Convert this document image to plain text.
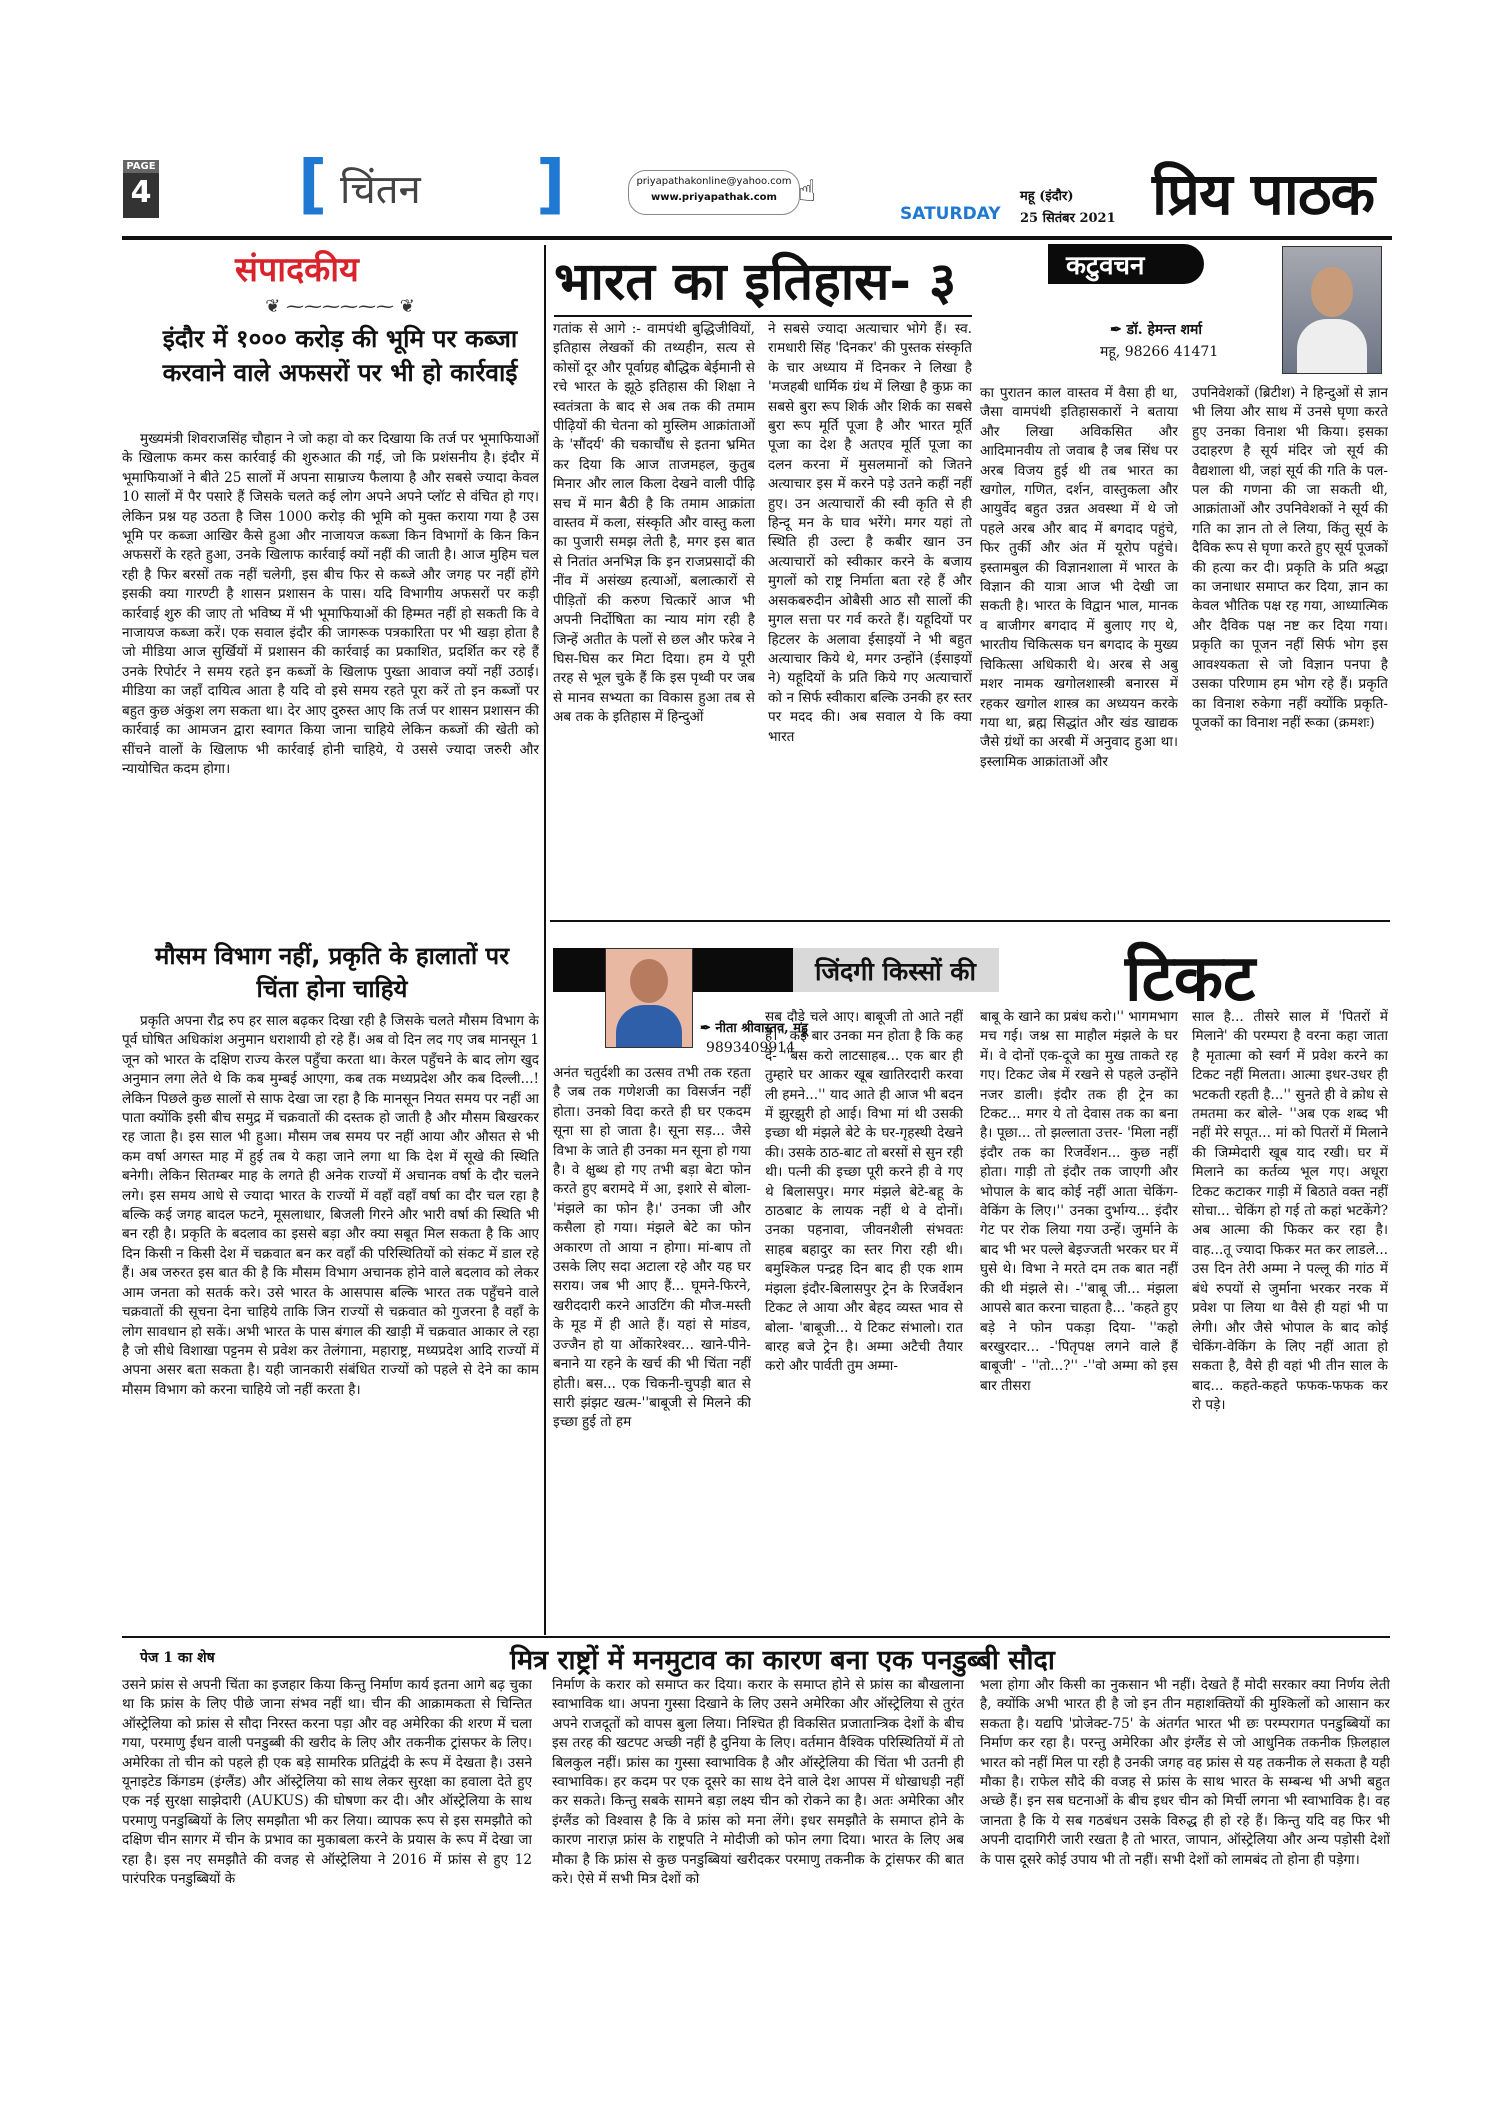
PAGE
4 [ चिंतन ]	priyapathakonline@yahoo.com
www.priyapathak.com ☝
SATURDAY
महू (इंदौर)
25 सितंबर 2021 प्रिय पाठक
संपादकीय
❦ ⁓⁓⁓⁓⁓⁓ ❦
इंदौर में १००० करोड़ की भूमि पर कब्जा करवाने वाले अफसरों पर भी हो कार्रवाई

मुख्यमंत्री शिवराजसिंह चौहान ने जो कहा वो कर दिखाया कि तर्ज पर भूमाफियाओं के खिलाफ कमर कस कार्रवाई की शुरुआत की गई, जो कि प्रशंसनीय है। इंदौर में भूमाफियाओं ने बीते 25 सालों में अपना साम्राज्य फैलाया है और सबसे ज्यादा केवल 10 सालों में पैर पसारे हैं जिसके चलते कई लोग अपने अपने प्लॉट से वंचित हो गए। लेकिन प्रश्न यह उठता है जिस 1000 करोड़ की भूमि को मुक्त कराया गया है उस भूमि पर कब्जा आखिर कैसे हुआ और नाजायज कब्जा किन विभागों के किन किन अफसरों के रहते हुआ, उनके खिलाफ कार्रवाई क्यों नहीं की जाती है। आज मुहिम चल रही है फिर बरसों तक नहीं चलेगी, इस बीच फिर से कब्जे और जगह पर नहीं होंगे इसकी क्या गारण्टी है शासन प्रशासन के पास। यदि विभागीय अफसरों पर कड़ी कार्रवाई शुरु की जाए तो भविष्य में भी भूमाफियाओं की हिम्मत नहीं हो सकती कि वे नाजायज कब्जा करें। एक सवाल इंदौर की जागरूक पत्रकारिता पर भी खड़ा होता है जो मीडिया आज सुर्खियों में प्रशासन की कार्रवाई का प्रकाशित, प्रदर्शित कर रहे हैं उनके रिपोर्टर ने समय रहते इन कब्जों के खिलाफ पुख्ता आवाज क्यों नहीं उठाई। मीडिया का जहाँ दायित्व आता है यदि वो इसे समय रहते पूरा करें तो इन कब्जों पर बहुत कुछ अंकुश लग सकता था। देर आए दुरुस्त आए कि तर्ज पर शासन प्रशासन की कार्रवाई का आमजन द्वारा स्वागत किया जाना चाहिये लेकिन कब्जों की खेती को सींचने वालों के खिलाफ भी कार्रवाई होनी चाहिये, ये उससे ज्यादा जरुरी और न्यायोचित कदम होगा।

मौसम विभाग नहीं, प्रकृति के हालातों पर चिंता होना चाहिये

प्रकृति अपना रौद्र रुप हर साल बढ़कर दिखा रही है जिसके चलते मौसम विभाग के पूर्व घोषित अधिकांश अनुमान धराशायी हो रहे हैं। अब वो दिन लद गए जब मानसून 1 जून को भारत के दक्षिण राज्य केरल पहुँचा करता था। केरल पहुँचने के बाद लोग खुद अनुमान लगा लेते थे कि कब मुम्बई आएगा, कब तक मध्यप्रदेश और कब दिल्ली...! लेकिन पिछले कुछ सालों से साफ देखा जा रहा है कि मानसून नियत समय पर नहीं आ पाता क्योंकि इसी बीच समुद्र में चक्रवातों की दस्तक हो जाती है और मौसम बिखरकर रह जाता है। इस साल भी हुआ। मौसम जब समय पर नहीं आया और औसत से भी कम वर्षा अगस्त माह में हुई तब ये कहा जाने लगा था कि देश में सूखे की स्थिति बनेगी। लेकिन सितम्बर माह के लगते ही अनेक राज्यों में अचानक वर्षा के दौर चलने लगे। इस समय आधे से ज्यादा भारत के राज्यों में वहाँ वहाँ वर्षा का दौर चल रहा है बल्कि कई जगह बादल फटने, मूसलाधार, बिजली गिरने और भारी वर्षा की स्थिति भी बन रही है। प्रकृति के बदलाव का इससे बड़ा और क्या सबूत मिल सकता है कि आए दिन किसी न किसी देश में चक्रवात बन कर वहाँ की परिस्थितियों को संकट में डाल रहे हैं। अब जरुरत इस बात की है कि मौसम विभाग अचानक होने वाले बदलाव को लेकर आम जनता को सतर्क करे। उसे भारत के आसपास बल्कि भारत तक पहुँचने वाले चक्रवातों की सूचना देना चाहिये ताकि जिन राज्यों से चक्रवात को गुजरना है वहाँ के लोग सावधान हो सकें। अभी भारत के पास बंगाल की खाड़ी में चक्रवात आकार ले रहा है जो सीधे विशाखा पट्टनम से प्रवेश कर तेलंगाना, महाराष्ट्र, मध्यप्रदेश आदि राज्यों में अपना असर बता सकता है। यही जानकारी संबंधित राज्यों को पहले से देने का काम मौसम विभाग को करना चाहिये जो नहीं करता है।

भारत का इतिहास- ३
गतांक से आगे :- वामपंथी बुद्धिजीवियों, इतिहास लेखकों की तथ्यहीन, सत्य से कोसों दूर और पूर्वाग्रह बौद्धिक बेईमानी से रचे भारत के झूठे इतिहास की शिक्षा ने स्वतंत्रता के बाद से अब तक की तमाम पीढ़ियों की चेतना को मुस्लिम आक्रांताओं के 'सौंदर्य' की चकाचौंध से इतना भ्रमित कर दिया कि आज ताजमहल, कुतुब मिनार और लाल किला देखने वाली पीढ़ि सच में मान बैठी है कि तमाम आक्रांता वास्तव में कला, संस्कृति और वास्तु कला का पुजारी समझ लेती है, मगर इस बात से नितांत अनभिज्ञ कि इन राजप्रसादों की नींव में असंख्य हत्याओं, बलात्कारों से पीड़ितों की करुण चित्कारें आज भी अपनी निर्दोषिता का न्याय मांग रही है जिन्हें अतीत के पलों से छल और फरेब ने घिस-घिस कर मिटा दिया। हम ये पूरी तरह से भूल चुके हैं कि इस पृथ्वी पर जब से मानव सभ्यता का विकास हुआ तब से अब तक के इतिहास में हिन्दुओं
ने सबसे ज्यादा अत्याचार भोगे हैं। स्व. रामधारी सिंह 'दिनकर' की पुस्तक संस्कृति के चार अध्याय में दिनकर ने लिखा है 'मजहबी धार्मिक ग्रंथ में लिखा है कुफ्र का सबसे बुरा रूप शिर्क और शिर्क का सबसे बुरा रूप मूर्ति पूजा है और भारत मूर्ति पूजा का देश है अतएव मूर्ति पूजा का दलन करना में मुसलमानों को जितने अत्याचार इस में करने पड़े उतने कहीं नहीं हुए। उन अत्याचारों की स्वी कृति से ही हिन्दू मन के घाव भरेंगे। मगर यहां तो स्थिति ही उल्टा है कबीर खान उन अत्याचारों को स्वीकार करने के बजाय मुगलों को राष्ट्र निर्माता बता रहे हैं और असकबरुदीन ओबैसी आठ सौ सालों की मुगल सत्ता पर गर्व करते हैं। यहूदियों पर हिटलर के अलावा ईसाइयों ने भी बहुत अत्याचार किये थे, मगर उन्होंने (ईसाइयों ने) यहूदियों के प्रति किये गए अत्याचारों को न सिर्फ स्वीकारा बल्कि उनकी हर स्तर पर मदद की। अब सवाल ये कि क्या भारत
कटुवचन
✒ डॉ. हेमन्त शर्मा
महू, 98266 41471
का पुरातन काल वास्तव में वैसा ही था, जैसा वामपंथी इतिहासकारों ने बताया और लिखा अविकसित और आदिमानवीय तो जवाब है जब सिंध पर अरब विजय हुई थी तब भारत का खगोल, गणित, दर्शन, वास्तुकला और आयुर्वेद बहुत उन्नत अवस्था में थे जो पहले अरब और बाद में बगदाद पहुंचे, फिर तुर्की और अंत में यूरोप पहुंचे। इस्तामबुल की विज्ञानशाला में भारत के विज्ञान की यात्रा आज भी देखी जा सकती है। भारत के विद्वान भाल, मानक व बाजीगर बगदाद में बुलाए गए थे, भारतीय चिकित्सक घन बगदाद के मुख्य चिकित्सा अधिकारी थे। अरब से अबु मशर नामक खगोलशास्त्री बनारस में रहकर खगोल शास्त्र का अध्ययन करके गया था, ब्रह्म सिद्धांत और खंड खाद्यक जैसे ग्रंथों का अरबी में अनुवाद हुआ था। इस्लामिक आक्रांताओं और
उपनिवेशकों (ब्रिटीश) ने हिन्दुओं से ज्ञान भी लिया और साथ में उनसे घृणा करते हुए उनका विनाश भी किया। इसका उदाहरण है सूर्य मंदिर जो सूर्य की वैद्यशाला थी, जहां सूर्य की गति के पल-पल की गणना की जा सकती थी, आक्रांताओं और उपनिवेशकों ने सूर्य की गति का ज्ञान तो ले लिया, किंतु सूर्य के दैविक रूप से घृणा करते हुए सूर्य पूजकों की हत्या कर दी। प्रकृति के प्रति श्रद्धा का जनाधार समाप्त कर दिया, ज्ञान का केवल भौतिक पक्ष रह गया, आध्यात्मिक और दैविक पक्ष नष्ट कर दिया गया। प्रकृति का पूजन नहीं सिर्फ भोग इस आवश्यकता से जो विज्ञान पनपा है उसका परिणाम हम भोग रहे हैं। प्रकृति का विनाश रुकेगा नहीं क्योंकि प्रकृति-पूजकों का विनाश नहीं रूका (क्रमशः)
जिंदगी किस्सों की टिकट
✒ नीता श्रीवास्तव, महू
9893409914
अनंत चतुर्दशी का उत्सव तभी तक रहता है जब तक गणेशजी का विसर्जन नहीं होता। उनको विदा करते ही घर एकदम सूना सा हो जाता है। सूना सड़... जैसे विभा के जाते ही उनका मन सूना हो गया है। वे क्षुब्ध हो गए तभी बड़ा बेटा फोन करते हुए बरामदे में आ, इशारे से बोला- 'मंझले का फोन है।' उनका जी और कसैला हो गया। मंझले बेटे का फोन अकारण तो आया न होगा। मां-बाप तो उसके लिए सदा अटाला रहे और यह घर सराय। जब भी आए हैं... घूमने-फिरने, खरीददारी करने आउटिंग की मौज-मस्ती के मूड में ही आते हैं। यहां से मांडव, उज्जैन हो या ओंकारेश्वर... खाने-पीने-बनाने या रहने के खर्च की भी चिंता नहीं होती। बस... एक चिकनी-चुपड़ी बात से सारी झंझट खत्म-''बाबूजी से मिलने की इच्छा हुई तो हम
सब दौड़े चले आए। बाबूजी तो आते नहीं हैं।'' कई बार उनका मन होता है कि कह दें- ''बस करो लाटसाहब... एक बार ही तुम्हारे घर आकर खूब खातिरदारी करवा ली हमने...'' याद आते ही आज भी बदन में झुरझुरी हो आई। विभा मां थी उसकी इच्छा थी मंझले बेटे के घर-गृहस्थी देखने की। उसके ठाठ-बाट तो बरसों से सुन रही थी। पत्नी की इच्छा पूरी करने ही वे गए थे बिलासपुर। मगर मंझले बेटे-बहू के ठाठबाट के लायक नहीं थे वे दोनों। उनका पहनावा, जीवनशैली संभवतः साहब बहादुर का स्तर गिरा रही थी। बमुश्किल पन्द्रह दिन बाद ही एक शाम मंझला इंदौर-बिलासपुर ट्रेन के रिजर्वेशन टिकट ले आया और बेहद व्यस्त भाव से बोला- 'बाबूजी... ये टिकट संभालो। रात बारह बजे ट्रेन है। अम्मा अटैची तैयार करो और पार्वती तुम अम्मा-
बाबू के खाने का प्रबंध करो।'' भागमभाग मच गई। जश्न सा माहौल मंझले के घर में। वे दोनों एक-दूजे का मुख ताकते रह गए। टिकट जेब में रखने से पहले उन्होंने नजर डाली। इंदौर तक ही ट्रेन का टिकट... मगर ये तो देवास तक का बना है। पूछा... तो झल्लाता उत्तर- 'मिला नहीं इंदौर तक का रिजर्वेशन... कुछ नहीं होता। गाड़ी तो इंदौर तक जाएगी और भोपाल के बाद कोई नहीं आता चेकिंग-वेकिंग के लिए।'' उनका दुर्भाग्य... इंदौर गेट पर रोक लिया गया उन्हें। जुर्माने के बाद भी भर पल्ले बेइज्जती भरकर घर में घुसे थे। विभा ने मरते दम तक बात नहीं की थी मंझले से। -''बाबू जी... मंझला आपसे बात करना चाहता है... 'कहते हुए बड़े ने फोन पकड़ा दिया- ''कहो बरखुरदार... -'पितृपक्ष लगने वाले हैं बाबूजी' - ''तो...?'' -''वो अम्मा को इस बार तीसरा
साल है... तीसरे साल में 'पितरों में मिलाने' की परम्परा है वरना कहा जाता है मृतात्मा को स्वर्ग में प्रवेश करने का टिकट नहीं मिलता। आत्मा इधर-उधर ही भटकती रहती है...'' सुनते ही वे क्रोध से तमतमा कर बोले- ''अब एक शब्द भी नहीं मेरे सपूत... मां को पितरों में मिलाने की जिम्मेदारी खूब याद रखी। घर में मिलाने का कर्तव्य भूल गए। अधूरा टिकट कटाकर गाड़ी में बिठाते वक्त नहीं सोचा... चेकिंग हो गई तो कहां भटकेंगे? अब आत्मा की फिकर कर रहा है। वाह...तू ज्यादा फिकर मत कर लाडले... उस दिन तेरी अम्मा ने पल्लू की गांठ में बंधे रुपयों से जुर्माना भरकर नरक में प्रवेश पा लिया था वैसे ही यहां भी पा लेगी। और जैसे भोपाल के बाद कोई चेकिंग-वेकिंग के लिए नहीं आता हो सकता है, वैसे ही वहां भी तीन साल के बाद... कहते-कहते फफक-फफक कर रो पड़े।
पेज 1 का शेष	मित्र राष्ट्रों में मनमुटाव का कारण बना एक पनडुब्बी सौदा
उसने फ्रांस से अपनी चिंता का इजहार किया किन्तु निर्माण कार्य इतना आगे बढ़ चुका था कि फ्रांस के लिए पीछे जाना संभव नहीं था। चीन की आक्रामकता से चिन्तित ऑस्ट्रेलिया को फ्रांस से सौदा निरस्त करना पड़ा और वह अमेरिका की शरण में चला गया, परमाणु ईंधन वाली पनडुब्बी की खरीद के लिए और तकनीक ट्रांसफर के लिए। अमेरिका तो चीन को पहले ही एक बड़े सामरिक प्रतिद्वंदी के रूप में देखता है। उसने यूनाइटेड किंगडम (इंग्लैंड) और ऑस्ट्रेलिया को साथ लेकर सुरक्षा का हवाला देते हुए एक नई सुरक्षा साझेदारी (AUKUS) की घोषणा कर दी। और ऑस्ट्रेलिया के साथ परमाणु पनडुब्बियों के लिए समझौता भी कर लिया। व्यापक रूप से इस समझौते को दक्षिण चीन सागर में चीन के प्रभाव का मुकाबला करने के प्रयास के रूप में देखा जा रहा है। इस नए समझौते की वजह से ऑस्ट्रेलिया ने 2016 में फ्रांस से हुए 12 पारंपरिक पनडुब्बियों के
निर्माण के करार को समाप्त कर दिया। करार के समाप्त होने से फ्रांस का बौखलाना स्वाभाविक था। अपना गुस्सा दिखाने के लिए उसने अमेरिका और ऑस्ट्रेलिया से तुरंत अपने राजदूतों को वापस बुला लिया। निश्चित ही विकसित प्रजातान्त्रिक देशों के बीच इस तरह की खटपट अच्छी नहीं है दुनिया के लिए। वर्तमान वैश्विक परिस्थितियों में तो बिलकुल नहीं। फ्रांस का गुस्सा स्वाभाविक है और ऑस्ट्रेलिया की चिंता भी उतनी ही स्वाभाविक। हर कदम पर एक दूसरे का साथ देने वाले देश आपस में धोखाधड़ी नहीं कर सकते। किन्तु सबके सामने बड़ा लक्ष्य चीन को रोकने का है। अतः अमेरिका और इंग्लैंड को विश्वास है कि वे फ्रांस को मना लेंगे। इधर समझौते के समाप्त होने के कारण नाराज़ फ्रांस के राष्ट्रपति ने मोदीजी को फोन लगा दिया। भारत के लिए अब मौका है कि फ्रांस से कुछ पनडुब्बियां खरीदकर परमाणु तकनीक के ट्रांसफर की बात करे। ऐसे में सभी मित्र देशों को
भला होगा और किसी का नुकसान भी नहीं। देखते हैं मोदी सरकार क्या निर्णय लेती है, क्योंकि अभी भारत ही है जो इन तीन महाशक्तियों की मुश्किलों को आसान कर सकता है। यद्यपि 'प्रोजेक्ट-75' के अंतर्गत भारत भी छः परम्परागत पनडुब्बियों का निर्माण कर रहा है। परन्तु अमेरिका और इंग्लैंड से जो आधुनिक तकनीक फ़िलहाल भारत को नहीं मिल पा रही है उनकी जगह वह फ्रांस से यह तकनीक ले सकता है यही मौका है। राफेल सौदे की वजह से फ्रांस के साथ भारत के सम्बन्ध भी अभी बहुत अच्छे हैं। इन सब घटनाओं के बीच इधर चीन को मिर्ची लगना भी स्वाभाविक है। वह जानता है कि ये सब गठबंधन उसके विरुद्ध ही हो रहे हैं। किन्तु यदि वह फिर भी अपनी दादागिरी जारी रखता है तो भारत, जापान, ऑस्ट्रेलिया और अन्य पड़ोसी देशों के पास दूसरे कोई उपाय भी तो नहीं। सभी देशों को लामबंद तो होना ही पड़ेगा।
